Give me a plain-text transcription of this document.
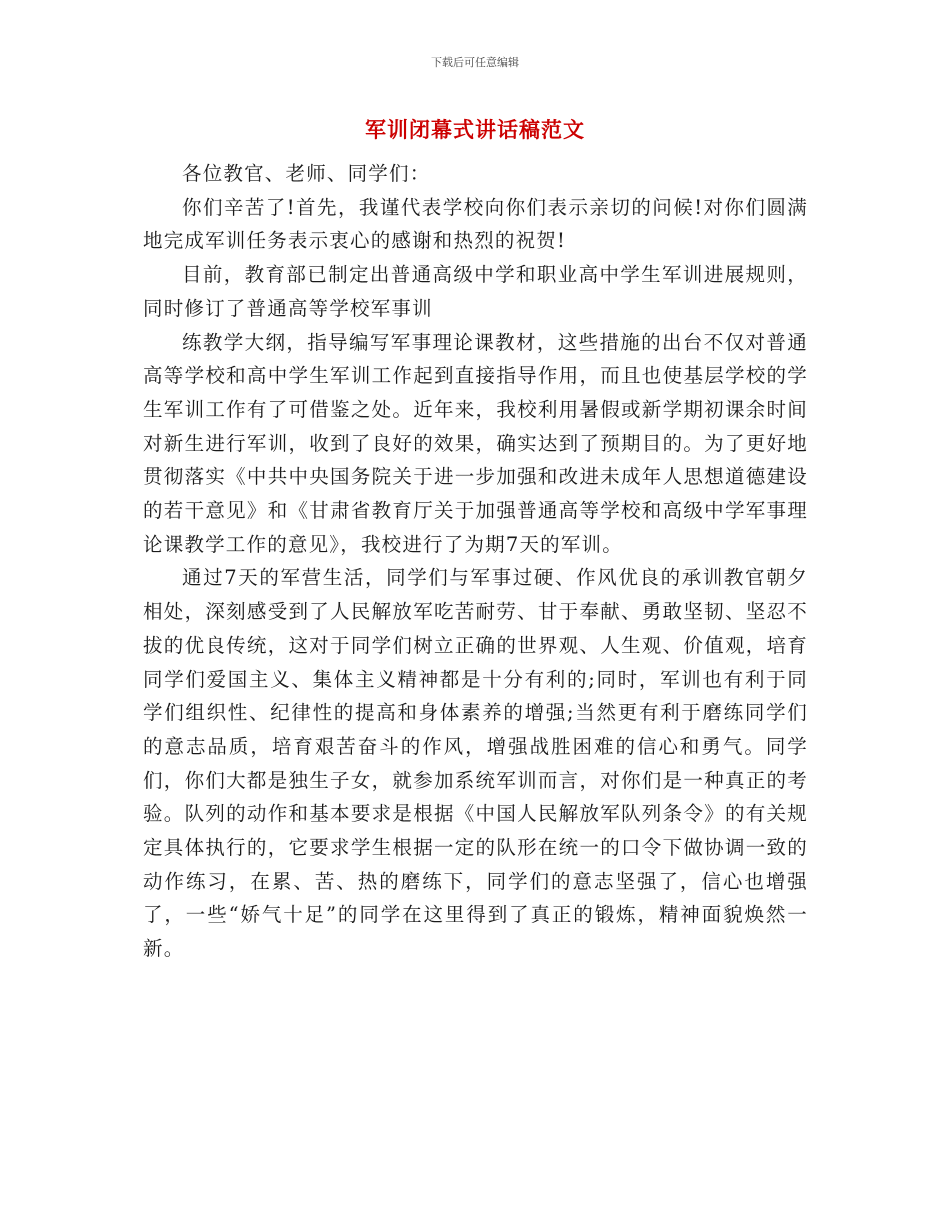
下载后可任意编辑
军训闭幕式讲话稿范文

各位教官、老师、同学们：

你们辛苦了!首先，我谨代表学校向你们表示亲切的问候!对你们圆满地完成军训任务表示衷心的感谢和热烈的祝贺!

目前，教育部已制定出普通高级中学和职业高中学生军训进展规则，同时修订了普通高等学校军事训

练教学大纲，指导编写军事理论课教材，这些措施的出台不仅对普通高等学校和高中学生军训工作起到直接指导作用，而且也使基层学校的学生军训工作有了可借鉴之处。近年来，我校利用暑假或新学期初课余时间对新生进行军训，收到了良好的效果，确实达到了预期目的。为了更好地贯彻落实《中共中央国务院关于进一步加强和改进未成年人思想道德建设的若干意见》和《甘肃省教育厅关于加强普通高等学校和高级中学军事理论课教学工作的意见》，我校进行了为期7天的军训。

通过7天的军营生活，同学们与军事过硬、作风优良的承训教官朝夕相处，深刻感受到了人民解放军吃苦耐劳、甘于奉献、勇敢坚韧、坚忍不拔的优良传统，这对于同学们树立正确的世界观、人生观、价值观，培育同学们爱国主义、集体主义精神都是十分有利的;同时，军训也有利于同学们组织性、纪律性的提高和身体素养的增强;当然更有利于磨练同学们的意志品质，培育艰苦奋斗的作风，增强战胜困难的信心和勇气。同学们，你们大都是独生子女，就参加系统军训而言，对你们是一种真正的考验。队列的动作和基本要求是根据《中国人民解放军队列条令》的有关规定具体执行的，它要求学生根据一定的队形在统一的口令下做协调一致的动作练习，在累、苦、热的磨练下，同学们的意志坚强了，信心也增强了，一些“娇气十足”的同学在这里得到了真正的锻炼，精神面貌焕然一新。
